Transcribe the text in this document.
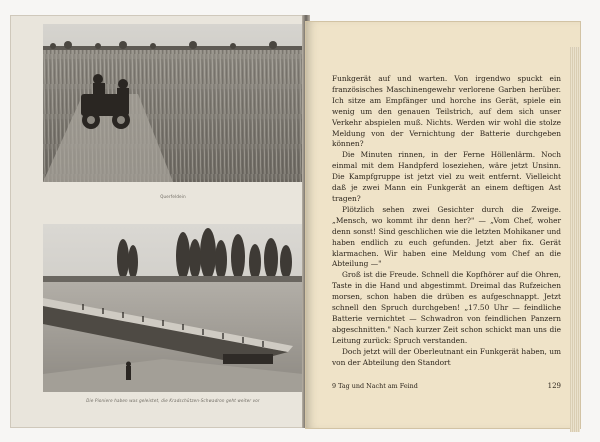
Querfeldein
Die Pioniere haben was geleistet, die Kradschützen-Schwadron geht weiter vor

Funkgerät auf und warten. Von irgendwo spuckt ein französisches Maschinengewehr verlorene Garben herüber. Ich sitze am Empfänger und horche ins Gerät, spiele ein wenig um den genauen Teilstrich, auf dem sich unser Verkehr abspielen muß. Nichts. Werden wir wohl die stolze Meldung von der Vernichtung der Batterie durchgeben können?

Die Minuten rinnen, in der Ferne Höllenlärm. Noch einmal mit dem Handpferd loseziehen, wäre jetzt Unsinn. Die Kampfgruppe ist jetzt viel zu weit entfernt. Vielleicht daß je zwei Mann ein Funkgerät an einem deftigen Ast tragen?

Plötzlich sehen zwei Gesichter durch die Zweige. „Mensch, wo kommt ihr denn her?" — „Vom Chef, woher denn sonst! Sind geschlichen wie die letzten Mohikaner und haben endlich zu euch gefunden. Jetzt aber fix. Gerät klarmachen. Wir haben eine Meldung vom Chef an die Abteilung —"

Groß ist die Freude. Schnell die Kopfhörer auf die Ohren, Taste in die Hand und abgestimmt. Dreimal das Rufzeichen morsen, schon haben die drüben es aufgeschnappt. Jetzt schnell den Spruch durchgeben! „17.50 Uhr — feindliche Batterie vernichtet — Schwadron von feindlichen Panzern abgeschnitten." Nach kurzer Zeit schon schickt man uns die Leitung zurück: Spruch verstanden.

Doch jetzt will der Oberleutnant ein Funkgerät haben, um von der Abteilung den Standort

9 Tag und Nacht am Feind	129
